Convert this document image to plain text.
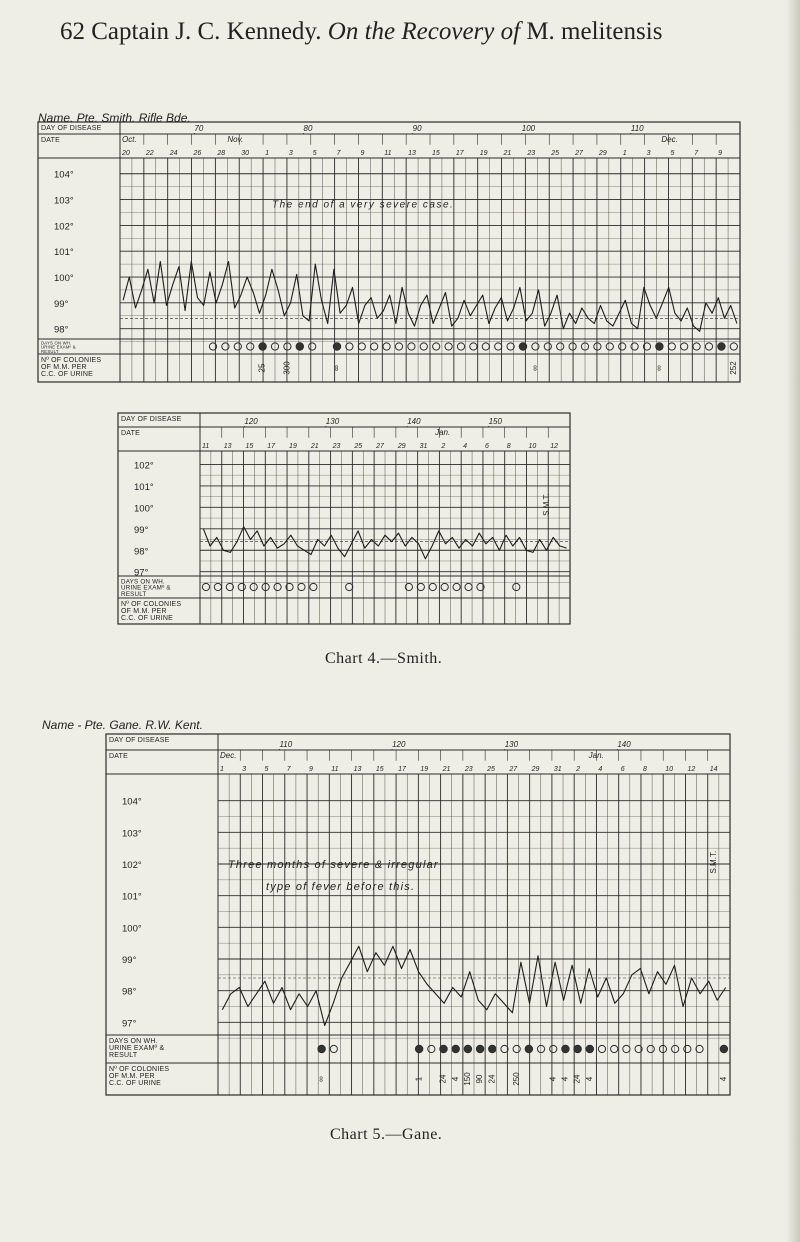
62 Captain J. C. Kennedy. On the Recovery of M. melitensis
Name. Pte. Smith. Rifle Bde.
DAY OF DISEASE
DATE
DAYS ON WH.
URINE EXAMº &
RESULT
Nº OF COLONIES
OF M.M. PER
C.C. OF URINE
20 22 24 26 28 30 1	3	5	7	9	11 13 15 17 19 21 23 25 27 29 1	3	5	7	9
Oct.	Nov.	Dec.
70	80	90	100	110
104°
103°
102°
101°
100°
99°
98°
25 300	∞	∞	∞	252
The end of a very severe case.
DAY OF DISEASE
DATE
DAYS ON WH.
URINE EXAMº &
RESULT
Nº OF COLONIES
OF M.M. PER
C.C. OF URINE
11 13 15 17 19 21 23 25 27 29 31 2	4	6	8	10 12
Jan.
120	130	140	150
102°
101°
100°
99°
98°
97°
S.M.T.
DAY OF DISEASE
DATE
DAYS ON WH.
URINE EXAMº &
RESULT
Nº OF COLONIES
OF M.M. PER
C.C. OF URINE
1	3	5	7	9	11 13 15 17 19 21 23 25 27 29 31 2	4	6	8	10 12 14
Dec.	Jan.
110	120	130	140
104°
103°
102°
101°
100°
99°
98°
97°
∞	1 24 4 150 90 24 250	4 4 24 4	4
Three months of severe & irregular
type of fever before this.
S.M.T.
Chart 4.—Smith.
Name - Pte. Gane. R.W. Kent.
Chart 5.—Gane.
